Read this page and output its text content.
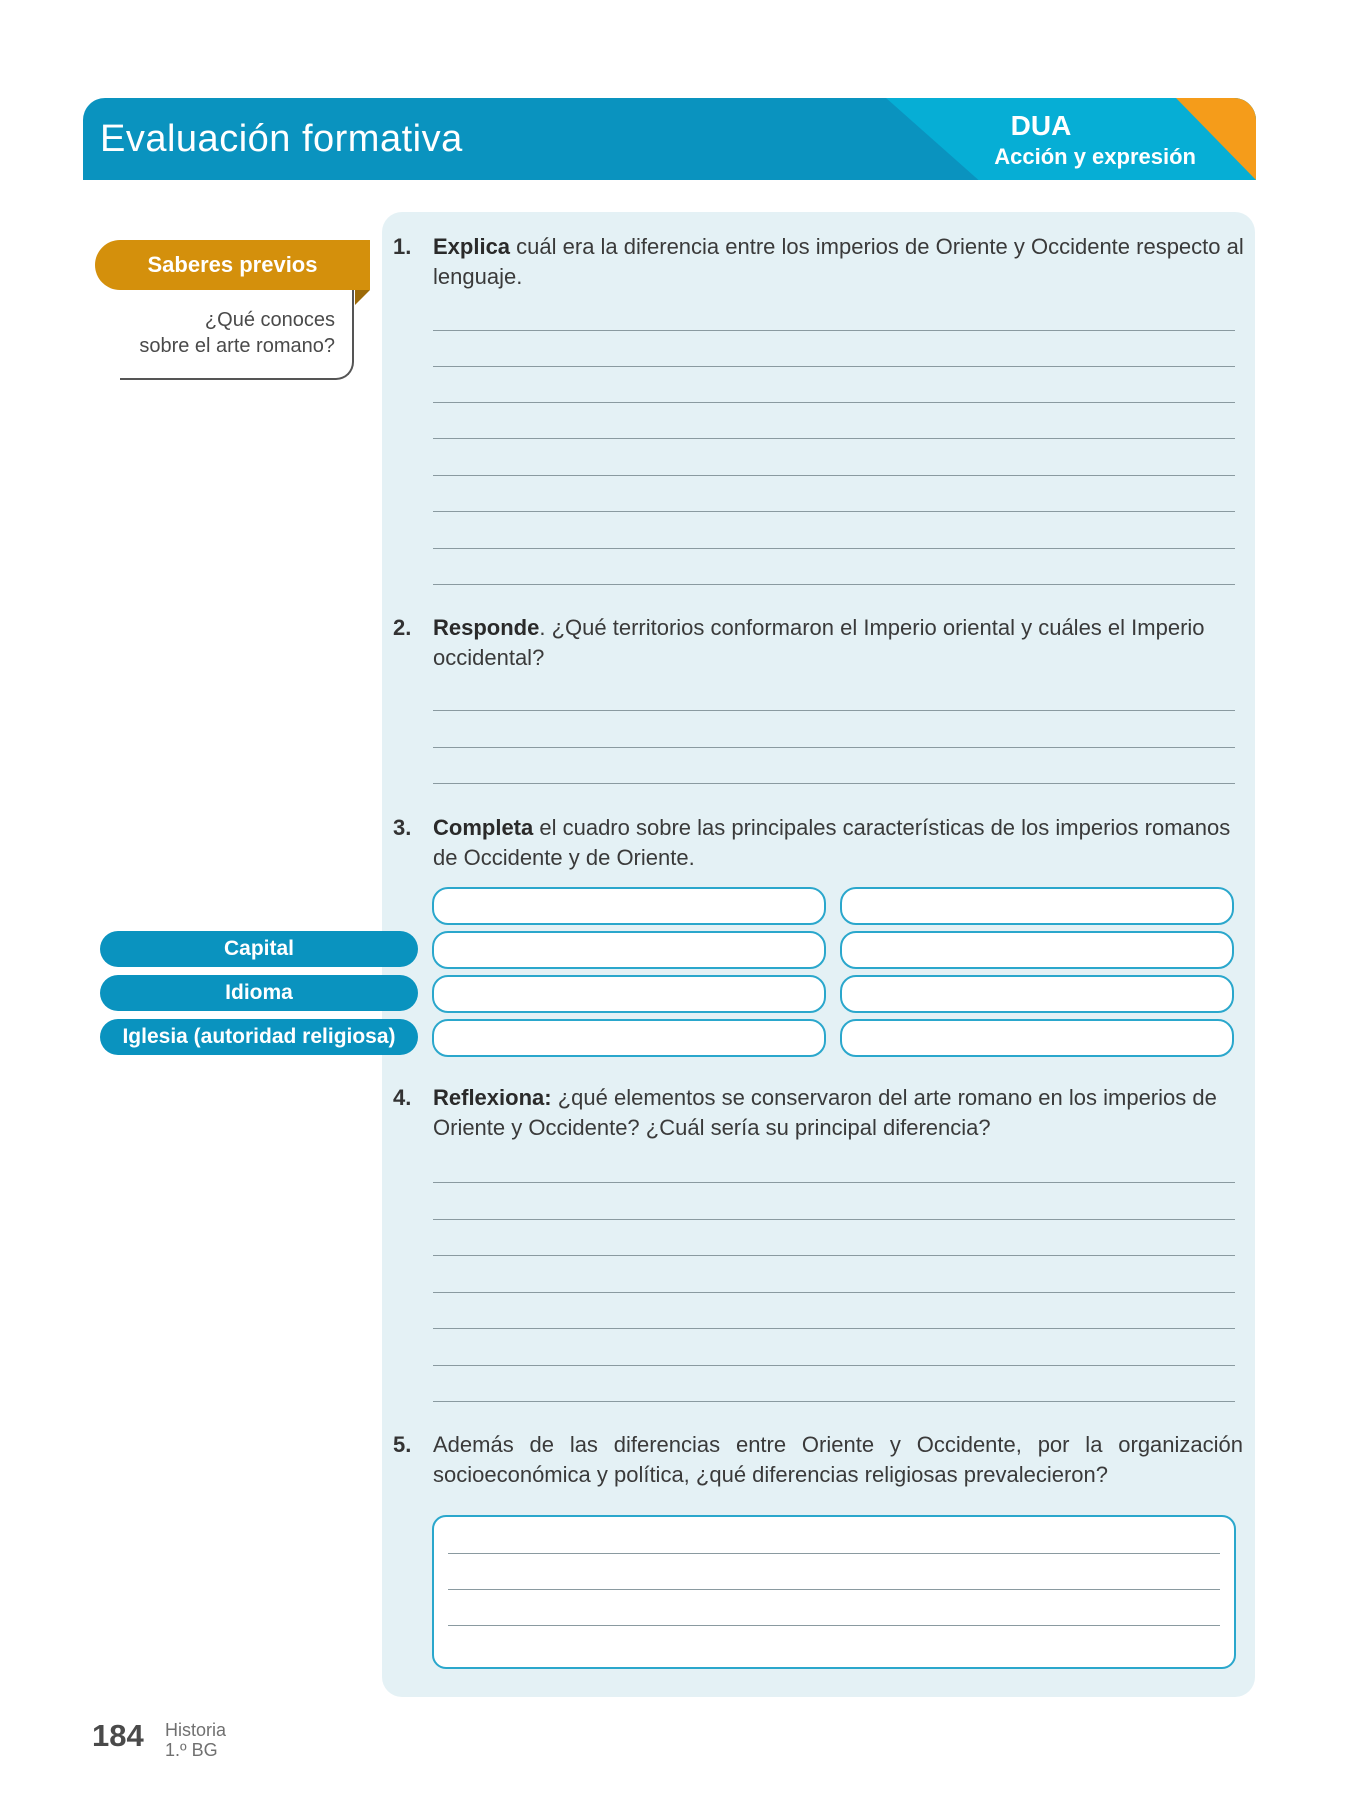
Evaluación formativa	DUA
Acción y expresión
Saberes previos
¿Qué conoces
sobre el arte romano?
1. Explica cuál era la diferencia entre los imperios de Oriente y Occidente respecto al lenguaje.
2. Responde. ¿Qué territorios conformaron el Imperio oriental y cuáles el Imperio occidental?
3. Completa el cuadro sobre las principales características de los imperios romanos de Occidente y de Oriente.
Capital
Idioma
Iglesia (autoridad religiosa)
4. Reflexiona: ¿qué elementos se conservaron del arte romano en los imperios de Oriente y Occidente? ¿Cuál sería su principal diferencia?
5. Además de las diferencias entre Oriente y Occidente, por la organización socioeconómica y política, ¿qué diferencias religiosas prevalecieron?
184 Historia
1.º BG
